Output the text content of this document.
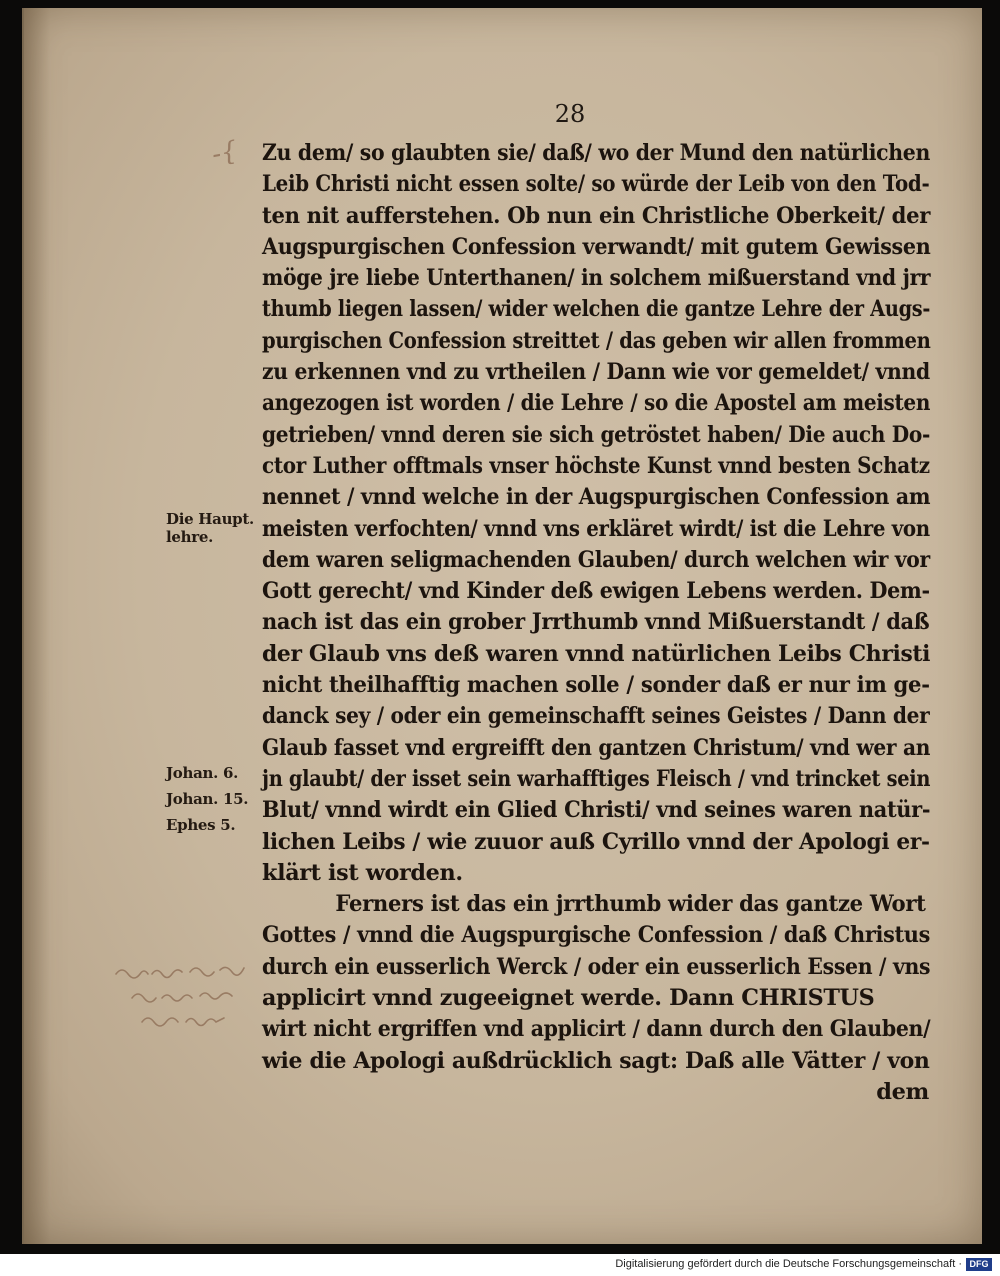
28
-{ Zu dem/ so glaubten sie/ daß/ wo der Mund den natürlichen
Leib Christi nicht essen solte/ so würde der Leib von den Tod-
ten nit aufferstehen. Ob nun ein Christliche Oberkeit/ der
Augspurgischen Confession verwandt/ mit gutem Gewissen
möge jre liebe Unterthanen/ in solchem mißuerstand vnd jrr
thumb liegen lassen/ wider welchen die gantze Lehre der Augs-
purgischen Confession streittet / das geben wir allen frommen
zu erkennen vnd zu vrtheilen / Dann wie vor gemeldet/ vnnd
angezogen ist worden / die Lehre / so die Apostel am meisten
getrieben/ vnnd deren sie sich getröstet haben/ Die auch Do-
ctor Luther offtmals vnser höchste Kunst vnnd besten Schatz
nennet / vnnd welche in der Augspurgischen Confession am
meisten verfochten/ vnnd vns erkläret wirdt/ ist die Lehre von
dem waren seligmachenden Glauben/ durch welchen wir vor
Gott gerecht/ vnd Kinder deß ewigen Lebens werden. Dem-
nach ist das ein grober Jrrthumb vnnd Mißuerstandt / daß
der Glaub vns deß waren vnnd natürlichen Leibs Christi
nicht theilhafftig machen solle / sonder daß er nur im ge-
danck sey / oder ein gemeinschafft seines Geistes / Dann der
Glaub fasset vnd ergreifft den gantzen Christum/ vnd wer an
jn glaubt/ der isset sein warhafftiges Fleisch / vnd trincket sein
Blut/ vnnd wirdt ein Glied Christi/ vnd seines waren natür-
lichen Leibs / wie zuuor auß Cyrillo vnnd der Apologi er-
klärt ist worden.
Ferners ist das ein jrrthumb wider das gantze Wort
Gottes / vnnd die Augspurgische Confession / daß Christus
durch ein eusserlich Werck / oder ein eusserlich Essen / vns
applicirt vnnd zugeeignet werde. Dann CHRISTUS
wirt nicht ergriffen vnd applicirt / dann durch den Glauben/
wie die Apologi außdrücklich sagt: Daß alle Vätter / von
dem
Die Haupt.
lehre.
Johan. 6.
Johan. 15.
Ephes 5.
Digitalisierung gefördert durch die Deutsche Forschungsgemeinschaft · DFG
